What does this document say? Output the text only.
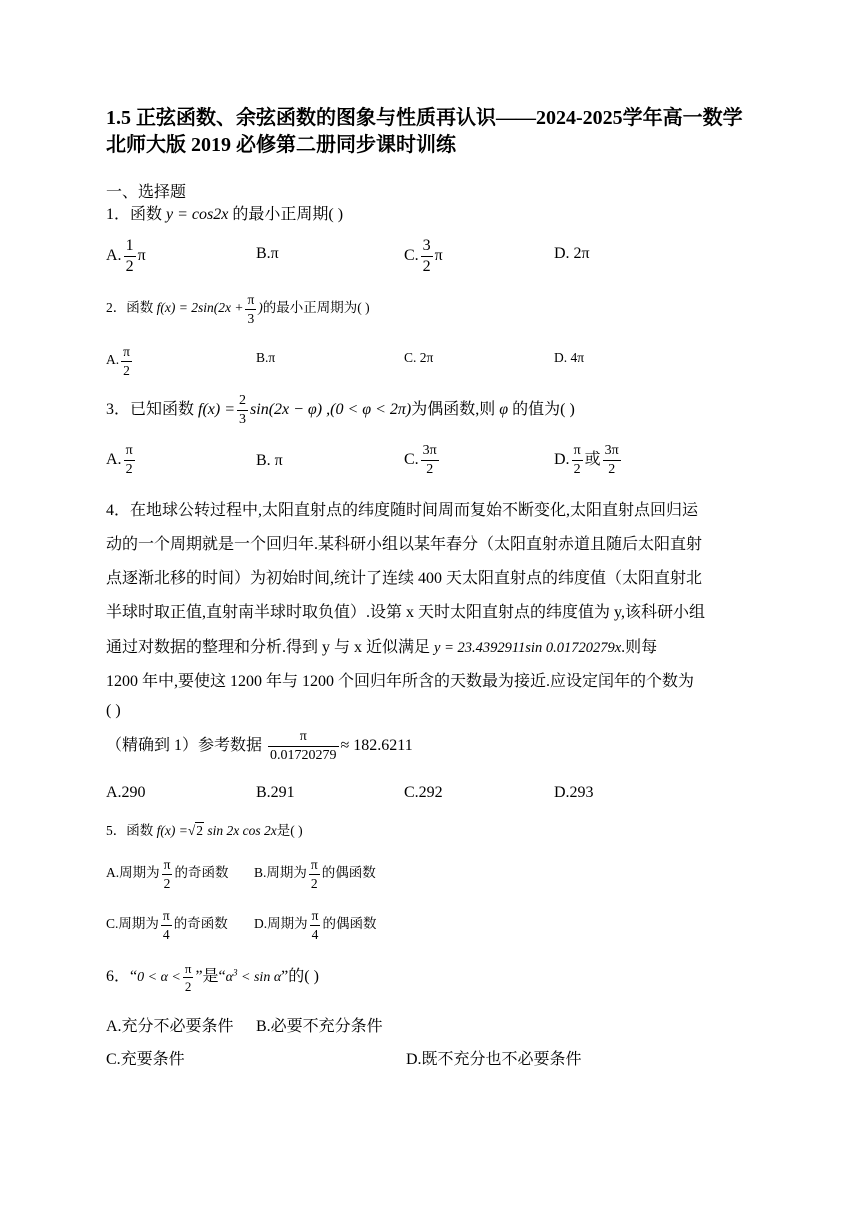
1.5 正弦函数、余弦函数的图象与性质再认识——2024-2025学年高一数学
北师大版 2019 必修第二册同步课时训练
一、选择题
1．函数 y = cos2x 的最小正周期( )
A. $\frac{1}{2}$ π	B.π	C. $\frac{3}{2}$ π	D. 2π
2．函数 $f(x) = 2\sin(2x + \frac{\pi}{3}$ )的最小正周期为( )
A. $\frac{\pi}{2}$	B.π	C. 2π	D. 4π
3．已知函数 $f(x) = \frac{2}{3} \sin(2x - \varphi) ,(0 < \varphi < 2\pi)$为偶函数,则 φ 的值为( )
A. $\frac{\pi}{2}$	B. π	C. $\frac{3\pi}{2}$	D. $\frac{\pi}{2}$ 或 $\frac{3\pi}{2}$
4．在地球公转过程中,太阳直射点的纬度随时间周而复始不断变化,太阳直射点回归运
动的一个周期就是一个回归年.某科研小组以某年春分（太阳直射赤道且随后太阳直射
点逐渐北移的时间）为初始时间,统计了连续 400 天太阳直射点的纬度值（太阳直射北
半球时取正值,直射南半球时取负值）.设第 x 天时太阳直射点的纬度值为 y,该科研小组
通过对数据的整理和分析.得到 y 与 x 近似满足 y = 23.4392911sin 0.01720279x.则每
1200 年中,要使这 1200 年与 1200 个回归年所含的天数最为接近.应设定闰年的个数为
( )
（精确到 1）参考数据 $\frac{\pi}{0.01720279} \approx 182.6211$
A.290	B.291	C.292	D.293
5．函数 f(x) =√2 sin 2x cos 2x是( )
A.周期为 $\frac{\pi}{2}$ 的奇函数 B.周期为 $\frac{\pi}{2}$ 的偶函数
C.周期为 $\frac{\pi}{4}$ 的奇函数 D.周期为 $\frac{\pi}{4}$ 的偶函数
6．“$0 < \alpha < \frac{\pi}{2}$ ”是“$\alpha^3 < \sin \alpha$”的( )
A.充分不必要条件 B.必要不充分条件
C.充要条件	D.既不充分也不必要条件
